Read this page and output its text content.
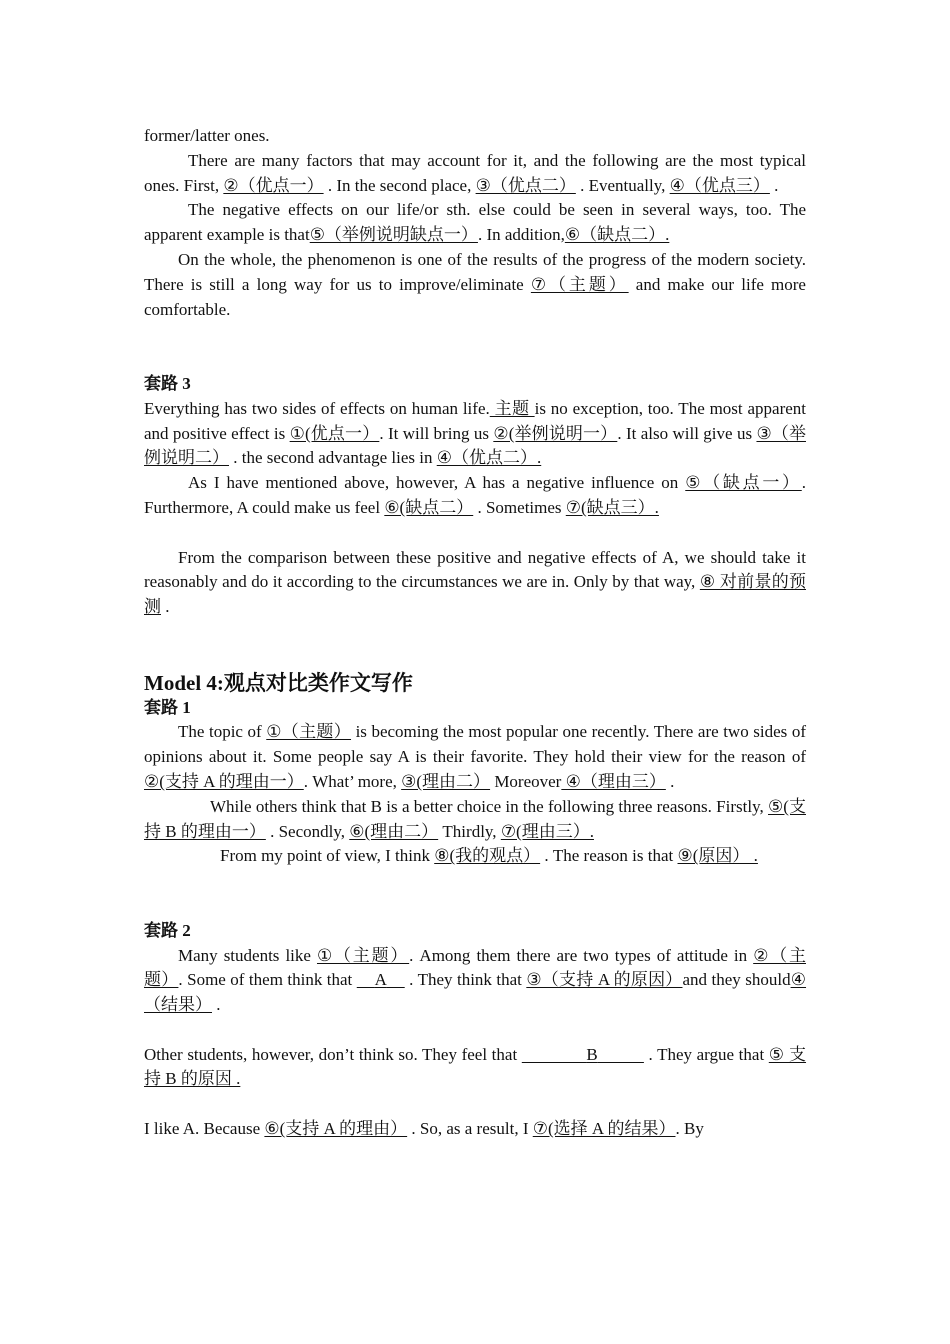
former/latter ones.

There are many factors that may account for it, and the following are the most typical ones. First, ②（优点一） . In the second place, ③（优点二） . Eventually, ④（优点三） .

The negative effects on our life/or sth. else could be seen in several ways, too. The apparent example is that⑤（举例说明缺点一）. In addition,⑥（缺点二）.

On the whole, the phenomenon is one of the results of the progress of the modern society. There is still a long way for us to improve/eliminate ⑦（主题） and make our life more comfortable.

套路 3

Everything has two sides of effects on human life. 主题 is no exception, too. The most apparent and positive effect is ①(优点一）. It will bring us ②(举例说明一）. It also will give us ③（举例说明二） . the second advantage lies in ④（优点二）.

As I have mentioned above, however, A has a negative influence on ⑤（缺点一）. Furthermore, A could make us feel ⑥(缺点二） . Sometimes ⑦(缺点三）.

From the comparison between these positive and negative effects of A, we should take it reasonably and do it according to the circumstances we are in. Only by that way, ⑧ 对前景的预测 .

Model 4:观点对比类作文写作

套路 1

The topic of ①（主题） is becoming the most popular one recently. There are two sides of opinions about it. Some people say A is their favorite. They hold their view for the reason of ②(支持 A 的理由一）. What’ more, ③(理由二） Moreover ④（理由三） .

While others think that B is a better choice in the following three reasons. Firstly, ⑤(支持 B 的理由一） . Secondly, ⑥(理由二） Thirdly, ⑦(理由三）.

From my point of view, I think ⑧(我的观点） . The reason is that ⑨(原因） .

套路 2

Many students like ①（主题）. Among them there are two types of attitude in ②（主题）. Some of them think that     A     . They think that ③（支持 A 的原因）and they should④（结果） .

Other students, however, don’t think so. They feel that	B	. They argue that ⑤ 支持 B 的原因 .

I like A. Because ⑥(支持 A 的理由） . So, as a result, I ⑦(选择 A 的结果）. By
